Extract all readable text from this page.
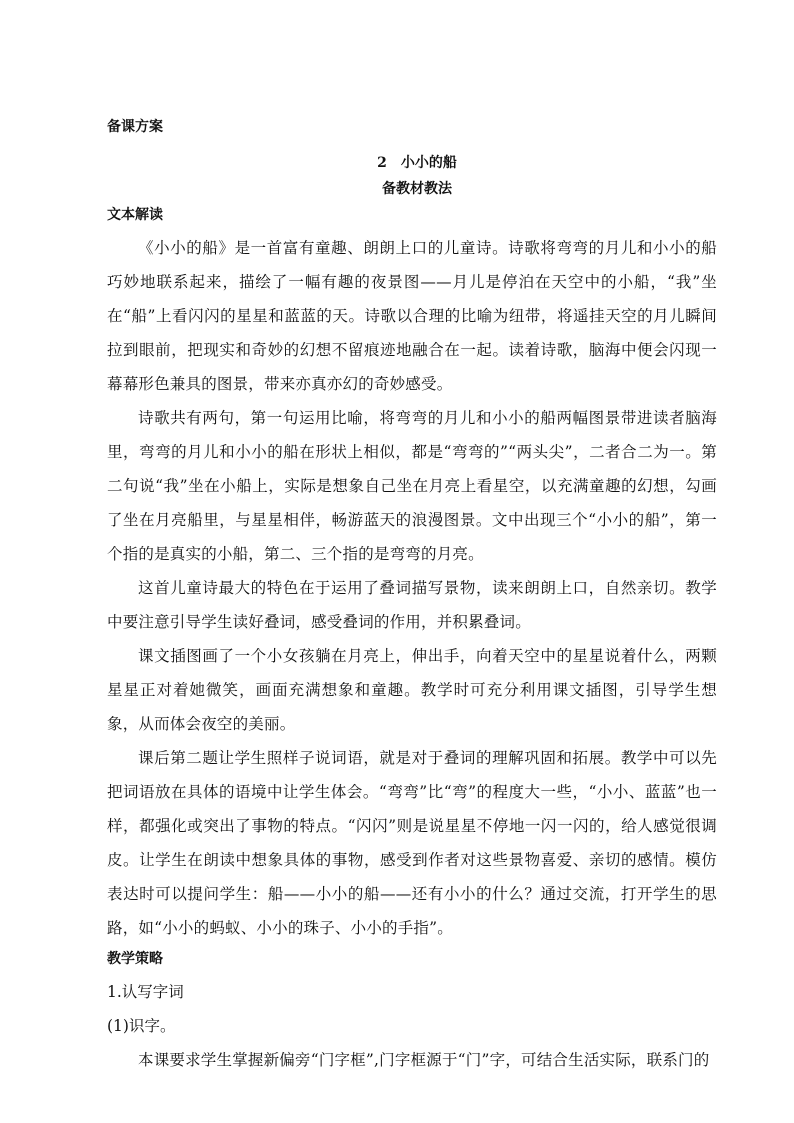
备课方案

2 小小的船

备教材教法

文本解读

《小小的船》是一首富有童趣、朗朗上口的儿童诗。诗歌将弯弯的月儿和小小的船巧妙地联系起来，描绘了一幅有趣的夜景图——月儿是停泊在天空中的小船，“我”坐在“船”上看闪闪的星星和蓝蓝的天。诗歌以合理的比喻为纽带，将遥挂天空的月儿瞬间拉到眼前，把现实和奇妙的幻想不留痕迹地融合在一起。读着诗歌，脑海中便会闪现一幕幕形色兼具的图景，带来亦真亦幻的奇妙感受。

诗歌共有两句，第一句运用比喻，将弯弯的月儿和小小的船两幅图景带进读者脑海里，弯弯的月儿和小小的船在形状上相似，都是“弯弯的”“两头尖”，二者合二为一。第二句说“我”坐在小船上，实际是想象自己坐在月亮上看星空，以充满童趣的幻想，勾画了坐在月亮船里，与星星相伴，畅游蓝天的浪漫图景。文中出现三个“小小的船”，第一个指的是真实的小船，第二、三个指的是弯弯的月亮。

这首儿童诗最大的特色在于运用了叠词描写景物，读来朗朗上口，自然亲切。教学中要注意引导学生读好叠词，感受叠词的作用，并积累叠词。

课文插图画了一个小女孩躺在月亮上，伸出手，向着天空中的星星说着什么，两颗星星正对着她微笑，画面充满想象和童趣。教学时可充分利用课文插图，引导学生想象，从而体会夜空的美丽。

课后第二题让学生照样子说词语，就是对于叠词的理解巩固和拓展。教学中可以先把词语放在具体的语境中让学生体会。“弯弯”比“弯”的程度大一些，“小小、蓝蓝”也一样，都强化或突出了事物的特点。“闪闪”则是说星星不停地一闪一闪的，给人感觉很调皮。让学生在朗读中想象具体的事物，感受到作者对这些景物喜爱、亲切的感情。模仿表达时可以提问学生：船——小小的船——还有小小的什么？通过交流，打开学生的思路，如“小小的蚂蚁、小小的珠子、小小的手指”。

教学策略

1.认写字词

(1)识字。

本课要求学生掌握新偏旁“门字框”,门字框源于“门”字，可结合生活实际，联系门的
